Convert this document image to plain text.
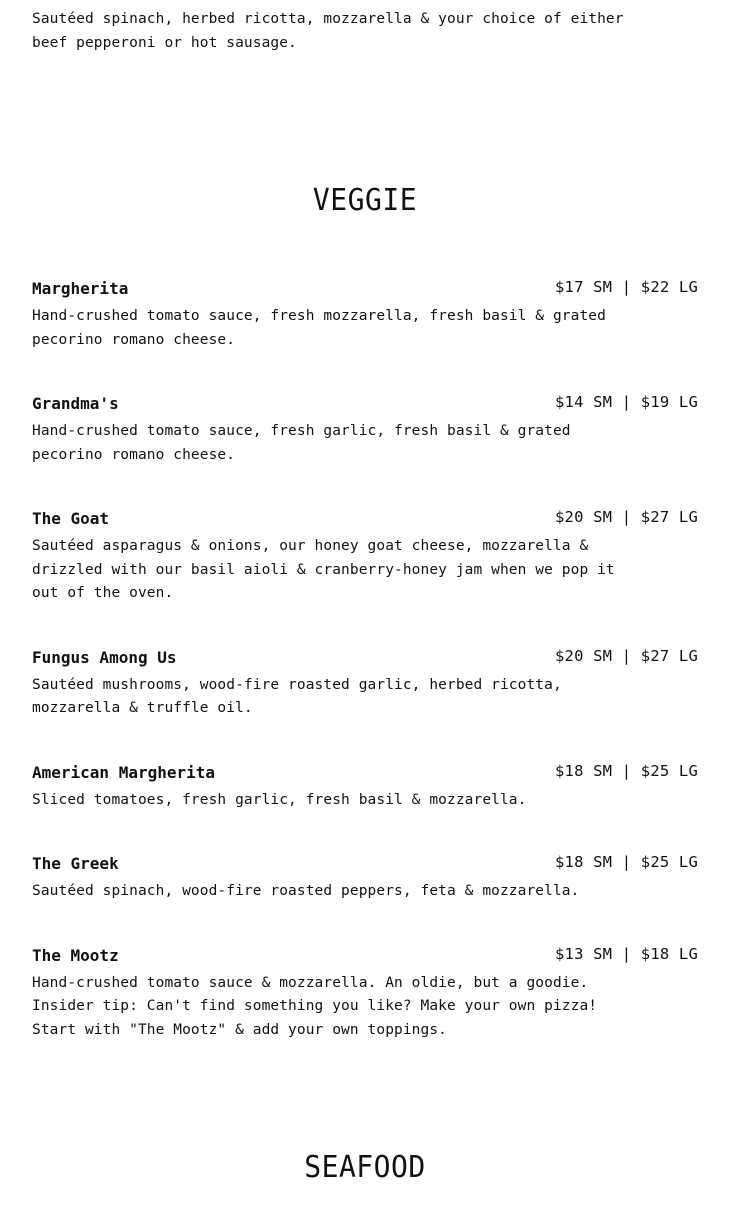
Sautéed spinach, herbed ricotta, mozzarella & your choice of either beef pepperoni or hot sausage.
VEGGIE
Margherita	$17 SM | $22 LG
Hand-crushed tomato sauce, fresh mozzarella, fresh basil & grated pecorino romano cheese.
Grandma's	$14 SM | $19 LG
Hand-crushed tomato sauce, fresh garlic, fresh basil & grated pecorino romano cheese.
The Goat	$20 SM | $27 LG
Sautéed asparagus & onions, our honey goat cheese, mozzarella & drizzled with our basil aioli & cranberry-honey jam when we pop it out of the oven.
Fungus Among Us	$20 SM | $27 LG
Sautéed mushrooms, wood-fire roasted garlic, herbed ricotta, mozzarella & truffle oil.
American Margherita	$18 SM | $25 LG
Sliced tomatoes, fresh garlic, fresh basil & mozzarella.
The Greek	$18 SM | $25 LG
Sautéed spinach, wood-fire roasted peppers, feta & mozzarella.
The Mootz	$13 SM | $18 LG
Hand-crushed tomato sauce & mozzarella. An oldie, but a goodie. Insider tip: Can't find something you like? Make your own pizza! Start with "The Mootz" & add your own toppings.
SEAFOOD
